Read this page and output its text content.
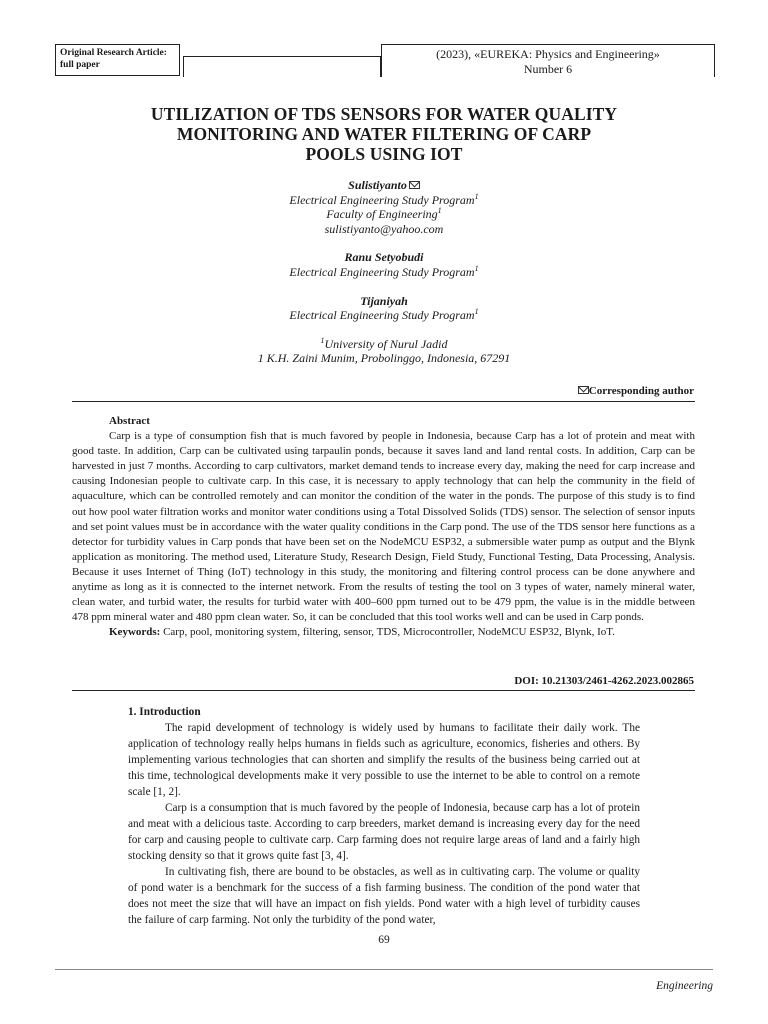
Original Research Article:
full paper
(2023), «EUREKA: Physics and Engineering»
Number 6
UTILIZATION OF TDS SENSORS FOR WATER QUALITY
MONITORING AND WATER FILTERING OF CARP
POOLS USING IOT
Sulistiyanto
Electrical Engineering Study Program$^1$
Faculty of Engineering$^1$
sulistiyanto@yahoo.com
Ranu Setyobudi
Electrical Engineering Study Program$^1$
Tijaniyah
Electrical Engineering Study Program$^1$
$^1$University of Nurul Jadid
1 K.H. Zaini Munim, Probolinggo, Indonesia, 67291
Corresponding author
Abstract
Carp is a type of consumption fish that is much favored by people in Indonesia, because Carp has a lot of protein and meat with good taste. In addition, Carp can be cultivated using tarpaulin ponds, because it saves land and land rental costs. In addition, Carp can be harvested in just 7 months. According to carp cultivators, market demand tends to increase every day, making the need for carp increase and causing Indonesian people to cultivate carp. In this case, it is necessary to apply technology that can help the community in the field of aquaculture, which can be controlled remotely and can monitor the condition of the water in the ponds. The purpose of this study is to find out how pool water filtration works and monitor water conditions using a Total Dissolved Solids (TDS) sensor. The selection of sensor inputs and set point values must be in accordance with the water quality conditions in the Carp pond. The use of the TDS sensor here functions as a detector for turbidity values in Carp ponds that have been set on the NodeMCU ESP32, a submersible water pump as output and the Blynk application as monitoring. The method used, Literature Study, Research Design, Field Study, Functional Testing, Data Processing, Analysis. Because it uses Internet of Thing (IoT) technology in this study, the monitoring and filtering control process can be done anywhere and anytime as long as it is connected to the internet network. From the results of testing the tool on 3 types of water, namely mineral water, clean water, and turbid water, the results for turbid water with 400–600 ppm turned out to be 479 ppm, the value is in the middle between 478 ppm mineral water and 480 ppm clean water. So, it can be concluded that this tool works well and can be used in Carp ponds.
Keywords: Carp, pool, monitoring system, filtering, sensor, TDS, Microcontroller, NodeMCU ESP32, Blynk, IoT.
DOI: 10.21303/2461-4262.2023.002865
1. Introduction

The rapid development of technology is widely used by humans to facilitate their daily work. The application of technology really helps humans in fields such as agriculture, economics, fisheries and others. By implementing various technologies that can shorten and simplify the results of the business being carried out at this time, technological developments make it very possible to use the internet to be able to control on a remote scale [1, 2].

Carp is a consumption that is much favored by the people of Indonesia, because carp has a lot of protein and meat with a delicious taste. According to carp breeders, market demand is increasing every day for the need for carp and causing people to cultivate carp. Carp farming does not require large areas of land and a fairly high stocking density so that it grows quite fast [3, 4].

In cultivating fish, there are bound to be obstacles, as well as in cultivating carp. The volume or quality of pond water is a benchmark for the success of a fish farming business. The condition of the pond water that does not meet the size that will have an impact on fish yields. Pond water with a high level of turbidity causes the failure of carp farming. Not only the turbidity of the pond water,

69
Engineering
